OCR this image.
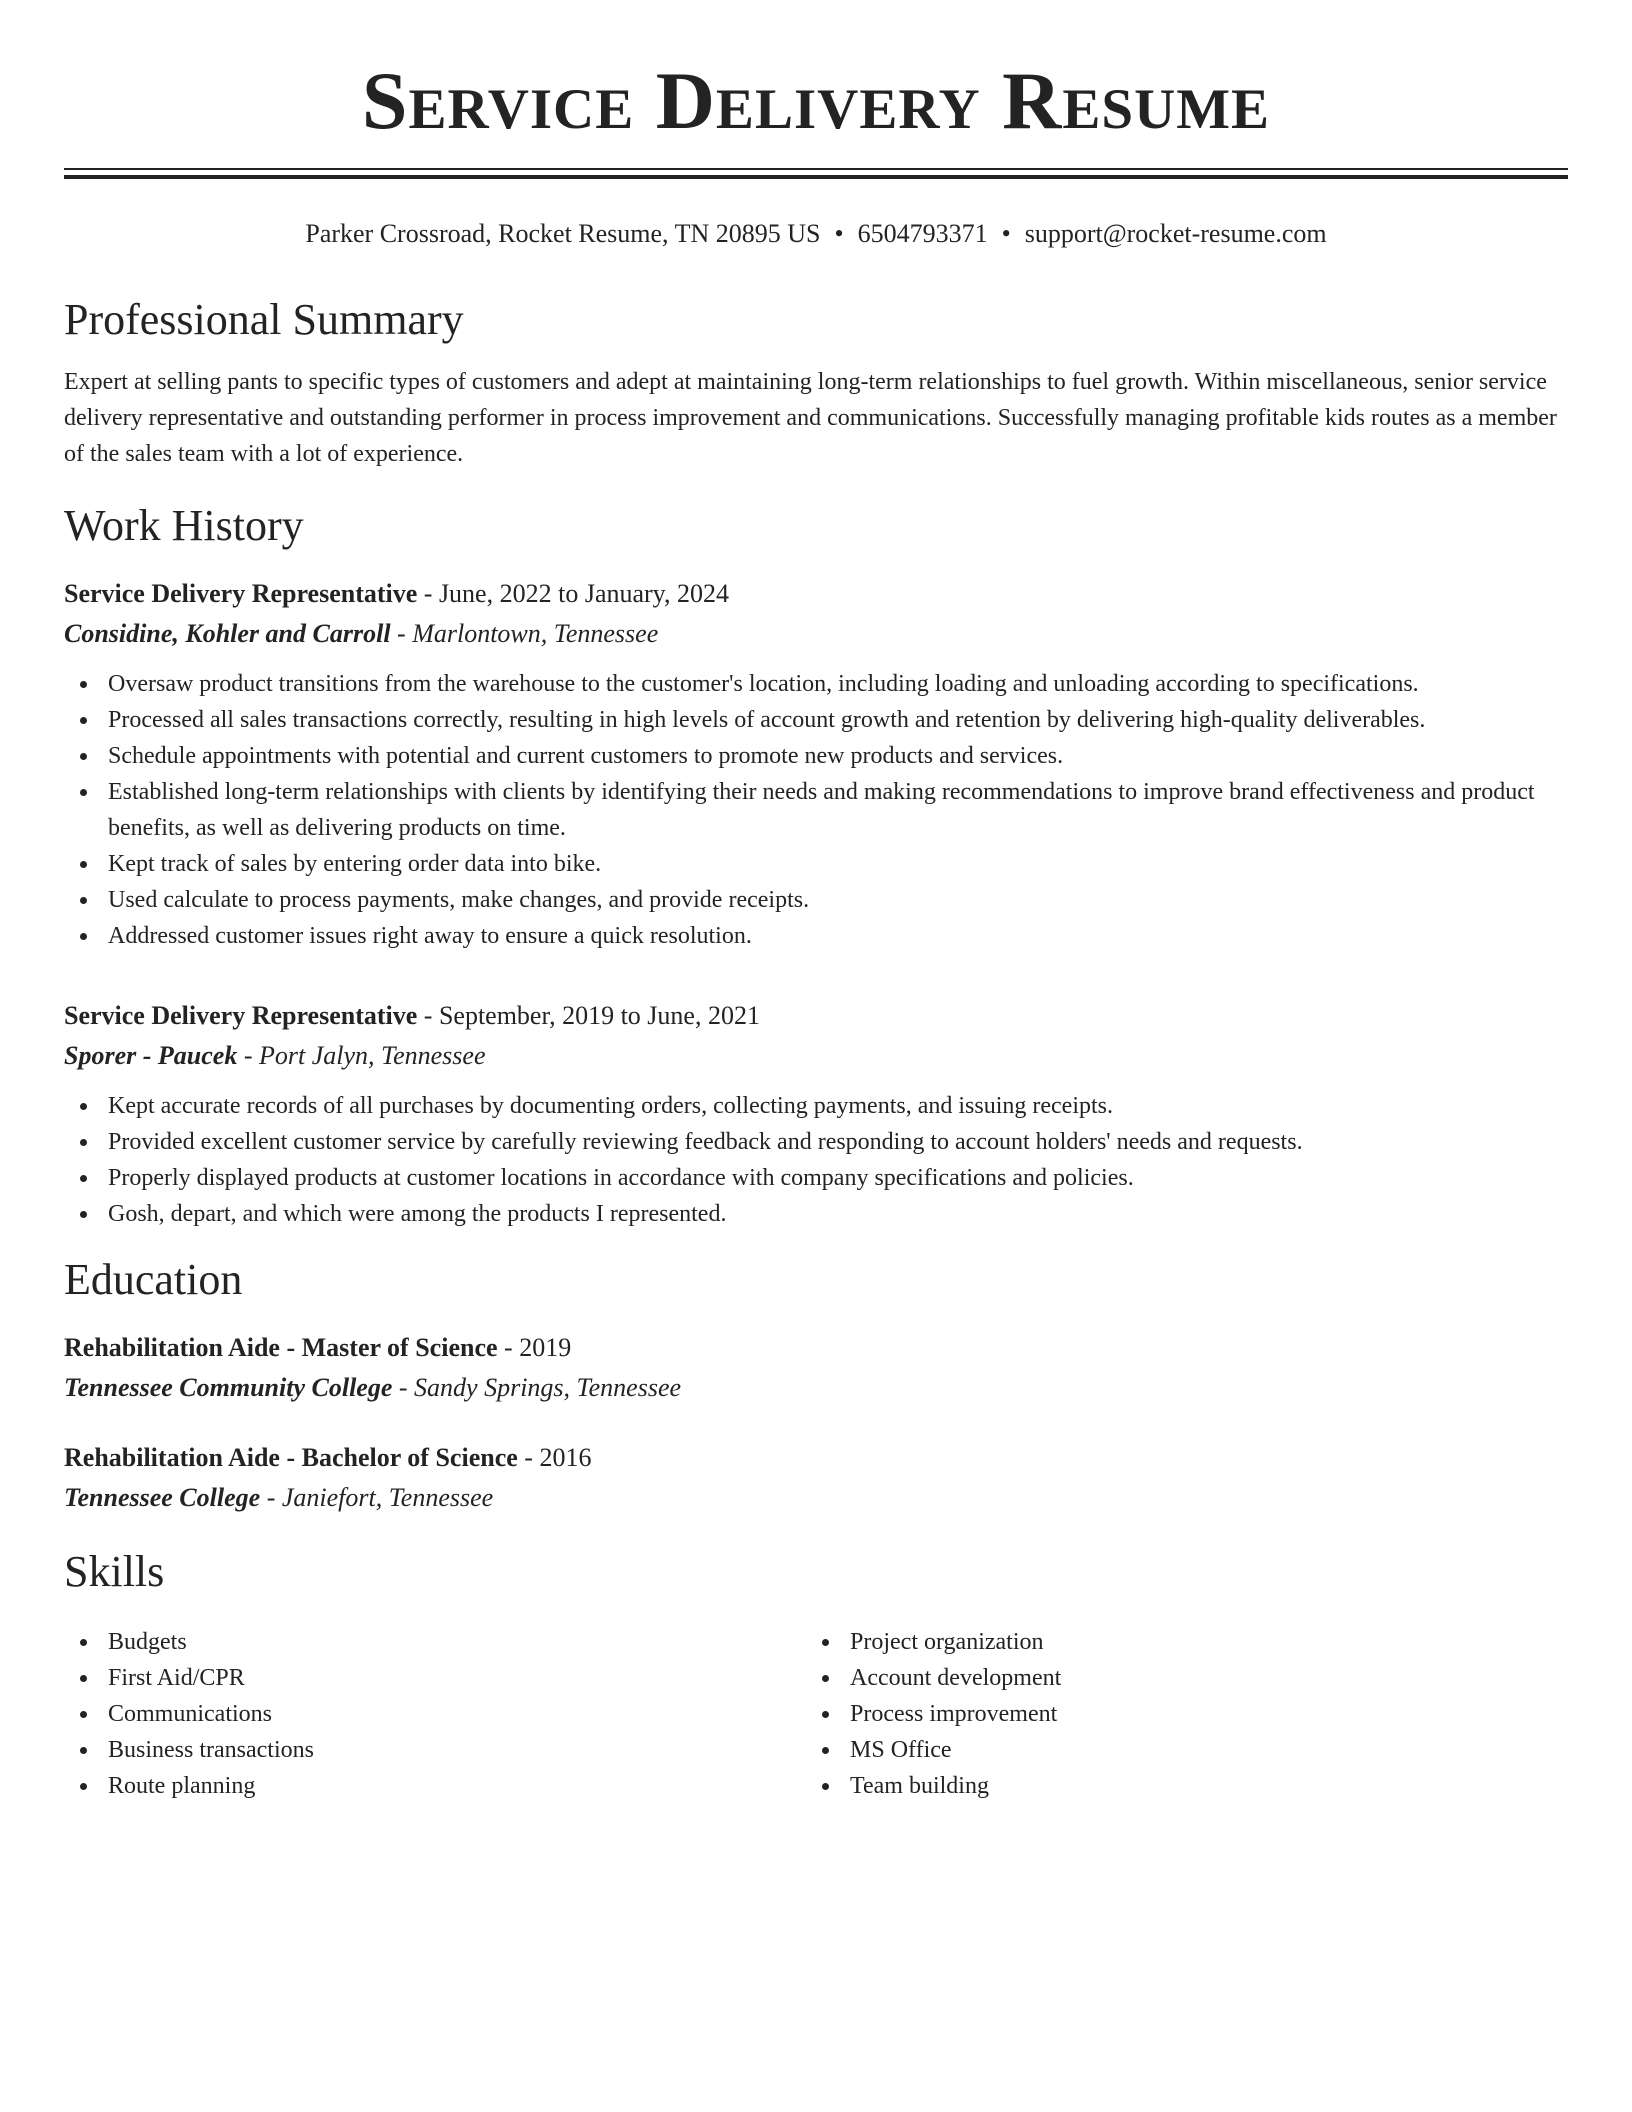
Service Delivery Resume
Parker Crossroad, Rocket Resume, TN 20895 US • 6504793371 • support@rocket-resume.com
Professional Summary

Expert at selling pants to specific types of customers and adept at maintaining long-term relationships to fuel growth. Within miscellaneous, senior service delivery representative and outstanding performer in process improvement and communications. Successfully managing profitable kids routes as a member of the sales team with a lot of experience.

Work History
Service Delivery Representative - June, 2022 to January, 2024
Considine, Kohler and Carroll - Marlontown, Tennessee
Oversaw product transitions from the warehouse to the customer's location, including loading and unloading according to specifications.
Processed all sales transactions correctly, resulting in high levels of account growth and retention by delivering high-quality deliverables.
Schedule appointments with potential and current customers to promote new products and services.
Established long-term relationships with clients by identifying their needs and making recommendations to improve brand effectiveness and product benefits, as well as delivering products on time.
Kept track of sales by entering order data into bike.
Used calculate to process payments, make changes, and provide receipts.
Addressed customer issues right away to ensure a quick resolution.
Service Delivery Representative - September, 2019 to June, 2021
Sporer - Paucek - Port Jalyn, Tennessee
Kept accurate records of all purchases by documenting orders, collecting payments, and issuing receipts.
Provided excellent customer service by carefully reviewing feedback and responding to account holders' needs and requests.
Properly displayed products at customer locations in accordance with company specifications and policies.
Gosh, depart, and which were among the products I represented.
Education
Rehabilitation Aide - Master of Science - 2019
Tennessee Community College - Sandy Springs, Tennessee
Rehabilitation Aide - Bachelor of Science - 2016
Tennessee College - Janiefort, Tennessee
Skills
Budgets
First Aid/CPR
Communications
Business transactions
Route planning
Project organization
Account development
Process improvement
MS Office
Team building
